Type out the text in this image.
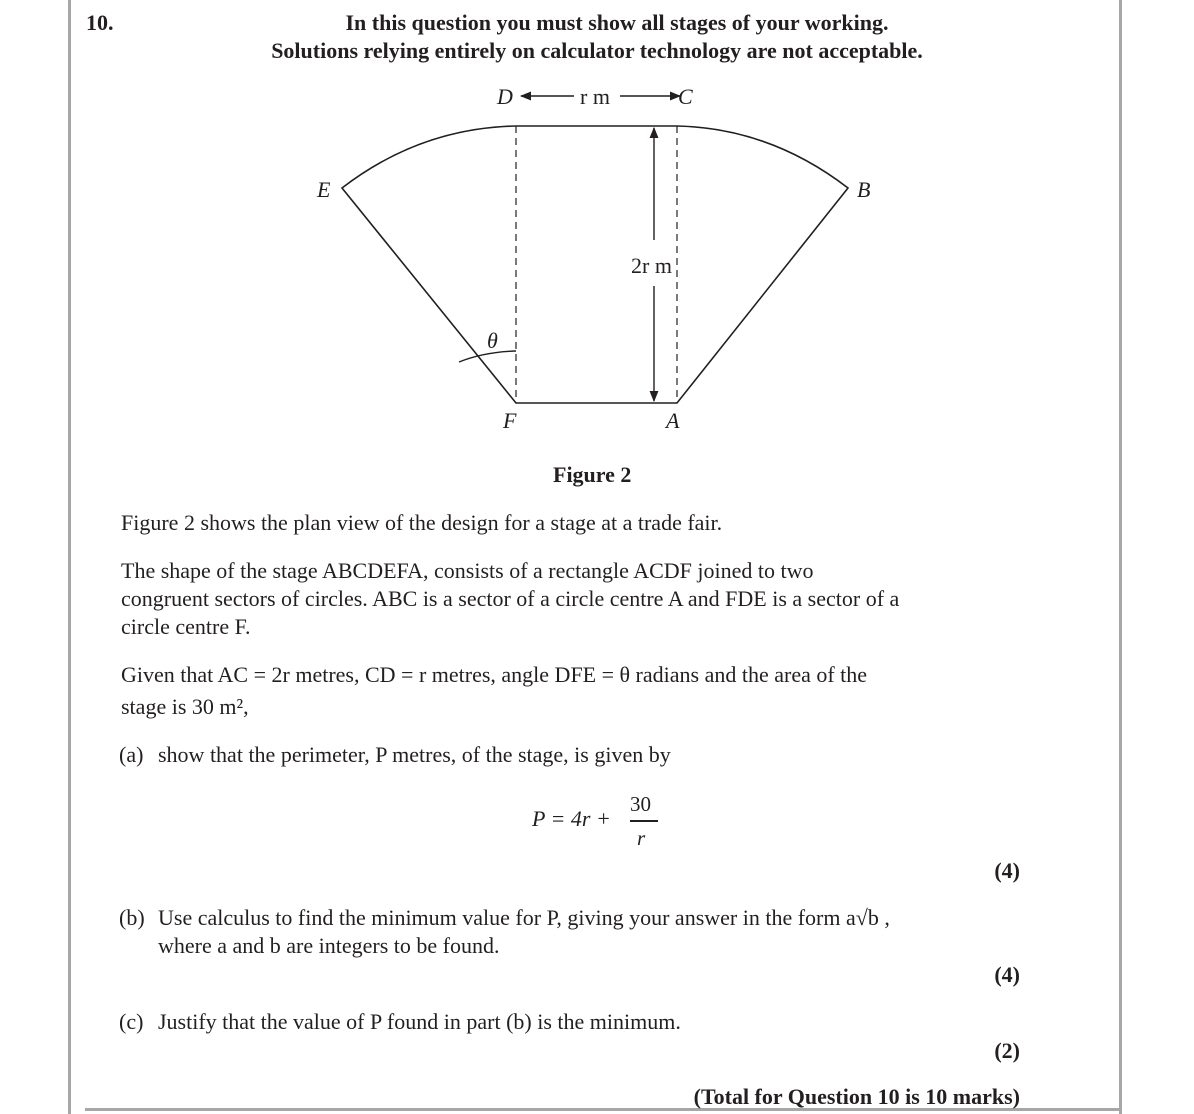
10.	In this question you must show all stages of your working.
Solutions relying entirely on calculator technology are not acceptable.
D	C
E	B
F	A
θ
r m
2r m
Figure 2
Figure 2 shows the plan view of the design for a stage at a trade fair.
The shape of the stage ABCDEFA, consists of a rectangle ACDF joined to two
congruent sectors of circles. ABC is a sector of a circle centre A and FDE is a sector of a
circle centre F.
Given that AC = 2r metres, CD = r metres, angle DFE = θ radians and the area of the
stage is 30 m²,
(a) show that the perimeter, P metres, of the stage, is given by
P = 4r +
30
r
(4)
(b) Use calculus to find the minimum value for P, giving your answer in the form a√b ,
where a and b are integers to be found.
(4)
(c) Justify that the value of P found in part (b) is the minimum.
(2)
(Total for Question 10 is 10 marks)
